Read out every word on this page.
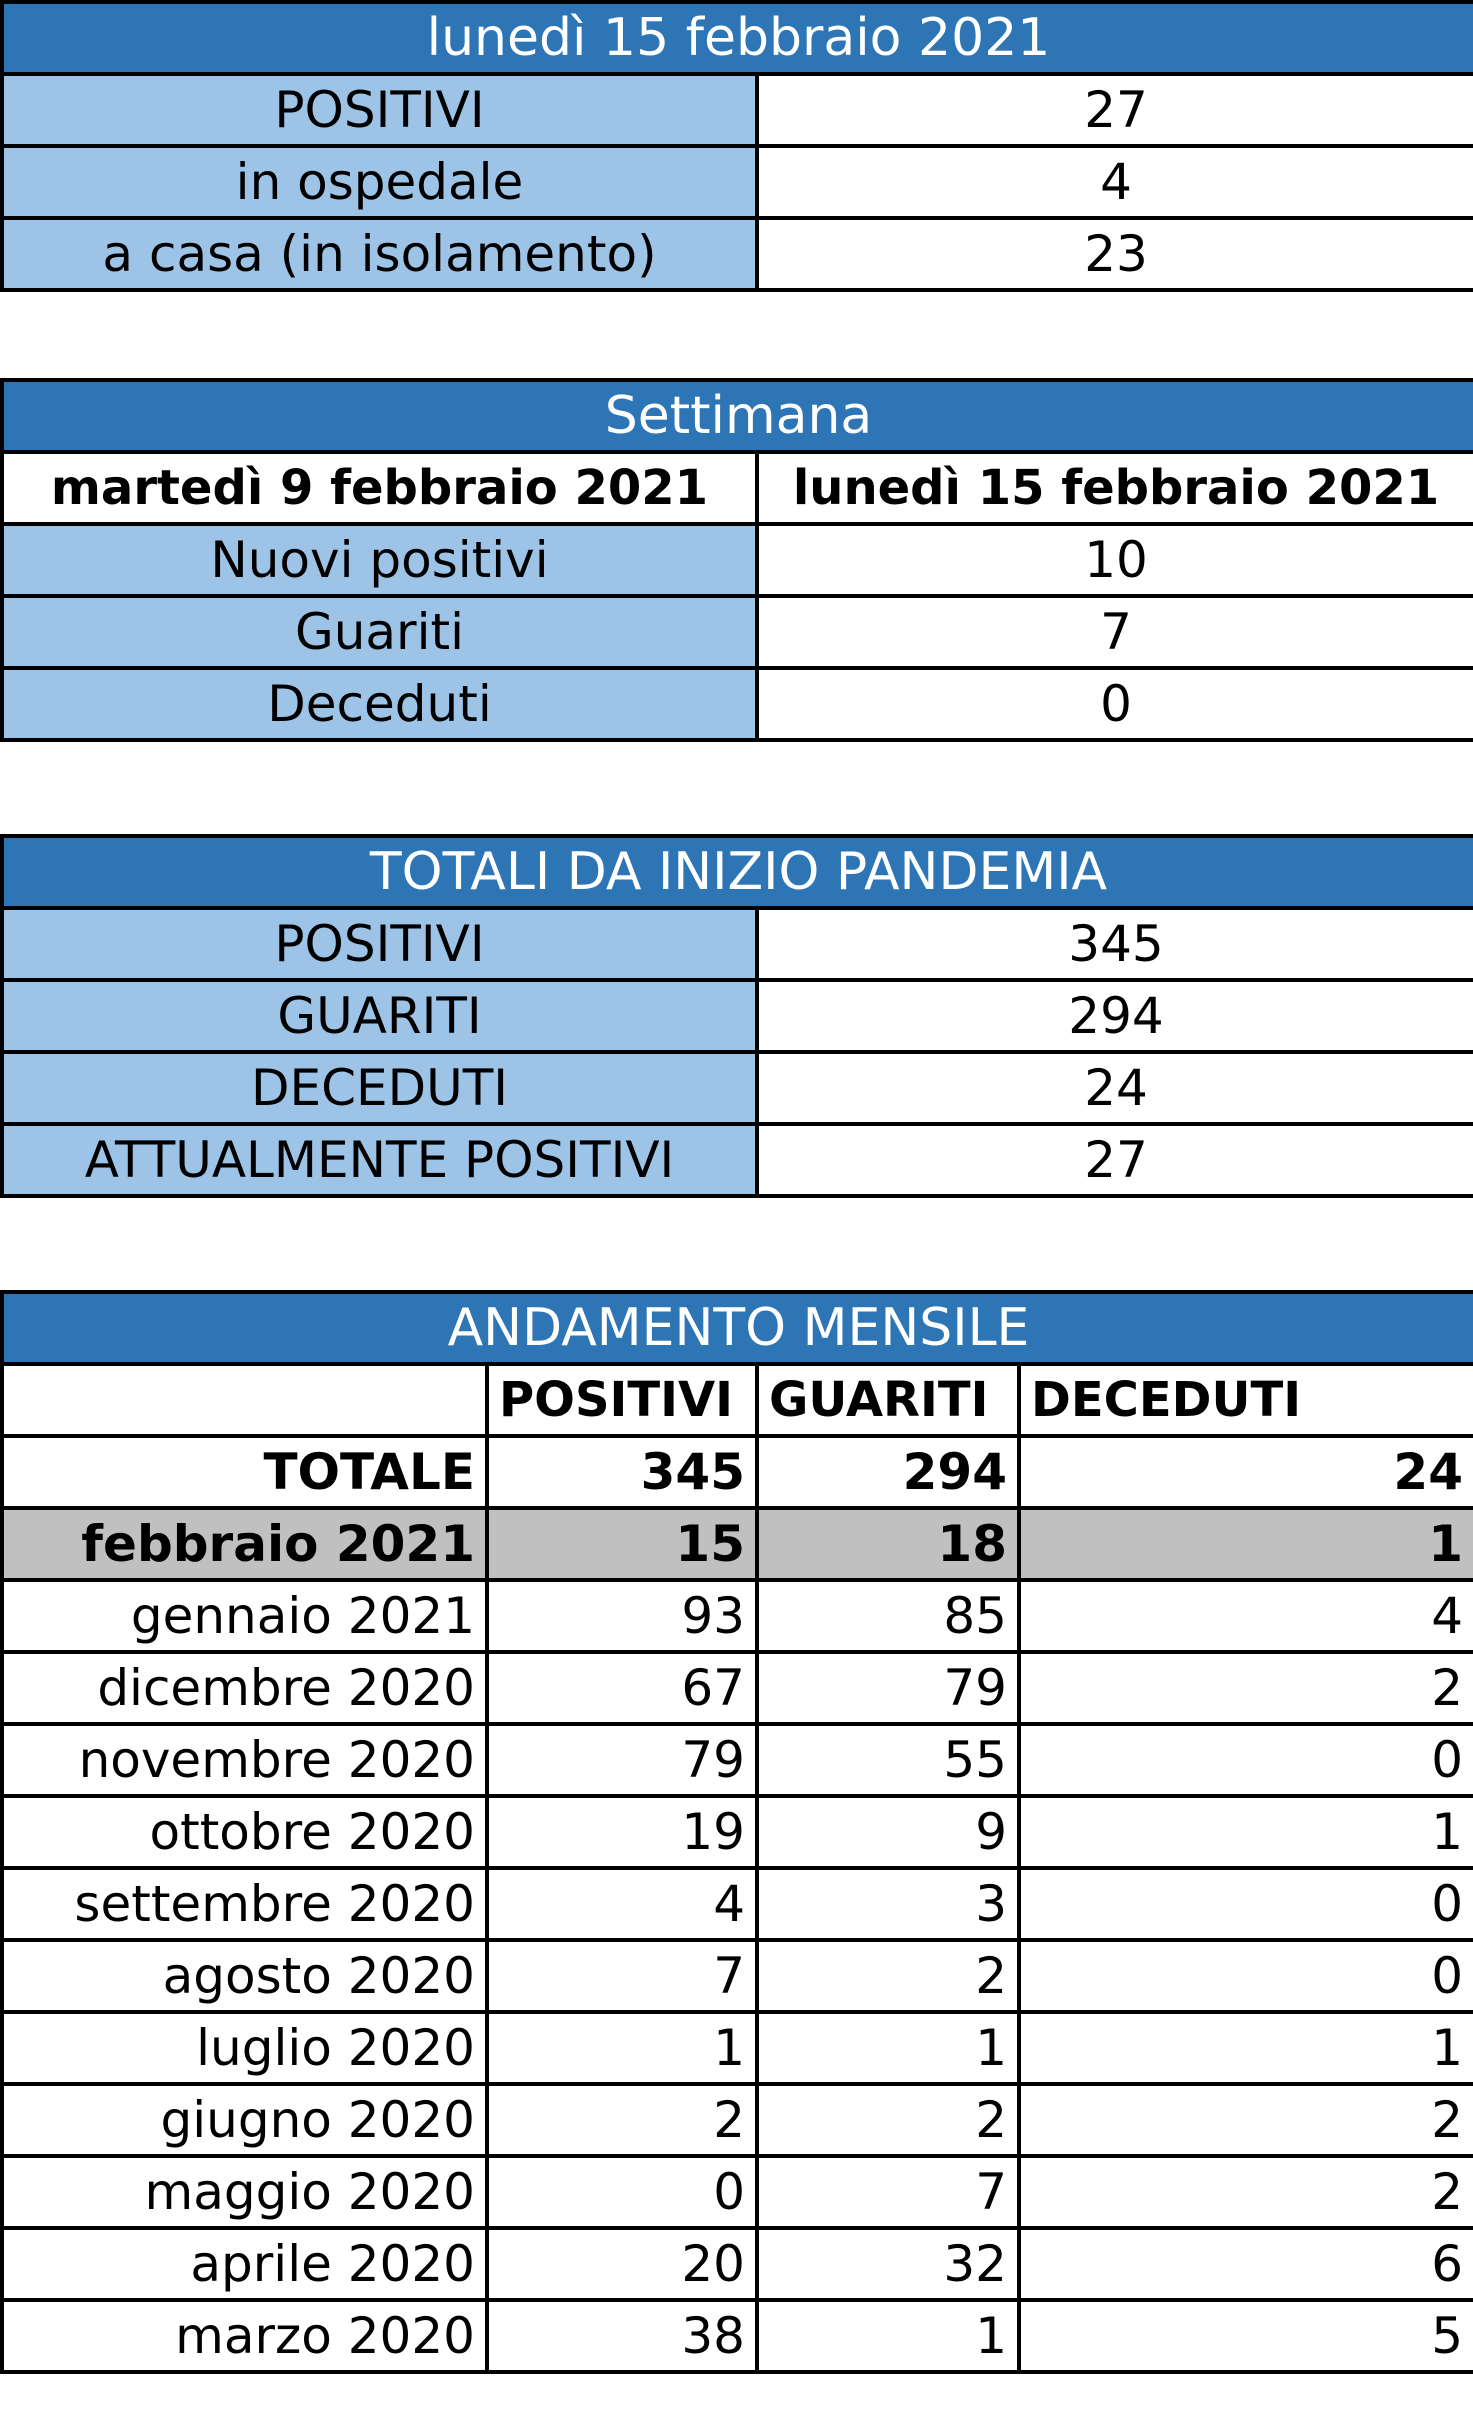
lunedì 15 febbraio 2021	
POSITIVI	27
in ospedale	4
a casa (in isolamento)	23
Settimana	
martedì 9 febbraio 2021	lunedì 15 febbraio 2021
Nuovi positivi	10
Guariti	7
Deceduti	0
TOTALI DA INIZIO PANDEMIA	
POSITIVI	345
GUARITI	294
DECEDUTI	24
ATTUALMENTE POSITIVI	27
ANDAMENTO MENSILE			
	POSITIVI	GUARITI	DECEDUTI
TOTALE	345	294	24
febbraio 2021	15	18	1
gennaio 2021	93	85	4
dicembre 2020	67	79	2
novembre 2020	79	55	0
ottobre 2020	19	9	1
settembre 2020	4	3	0
agosto 2020	7	2	0
luglio 2020	1	1	1
giugno 2020	2	2	2
maggio 2020	0	7	2
aprile 2020	20	32	6
marzo 2020	38	1	5
